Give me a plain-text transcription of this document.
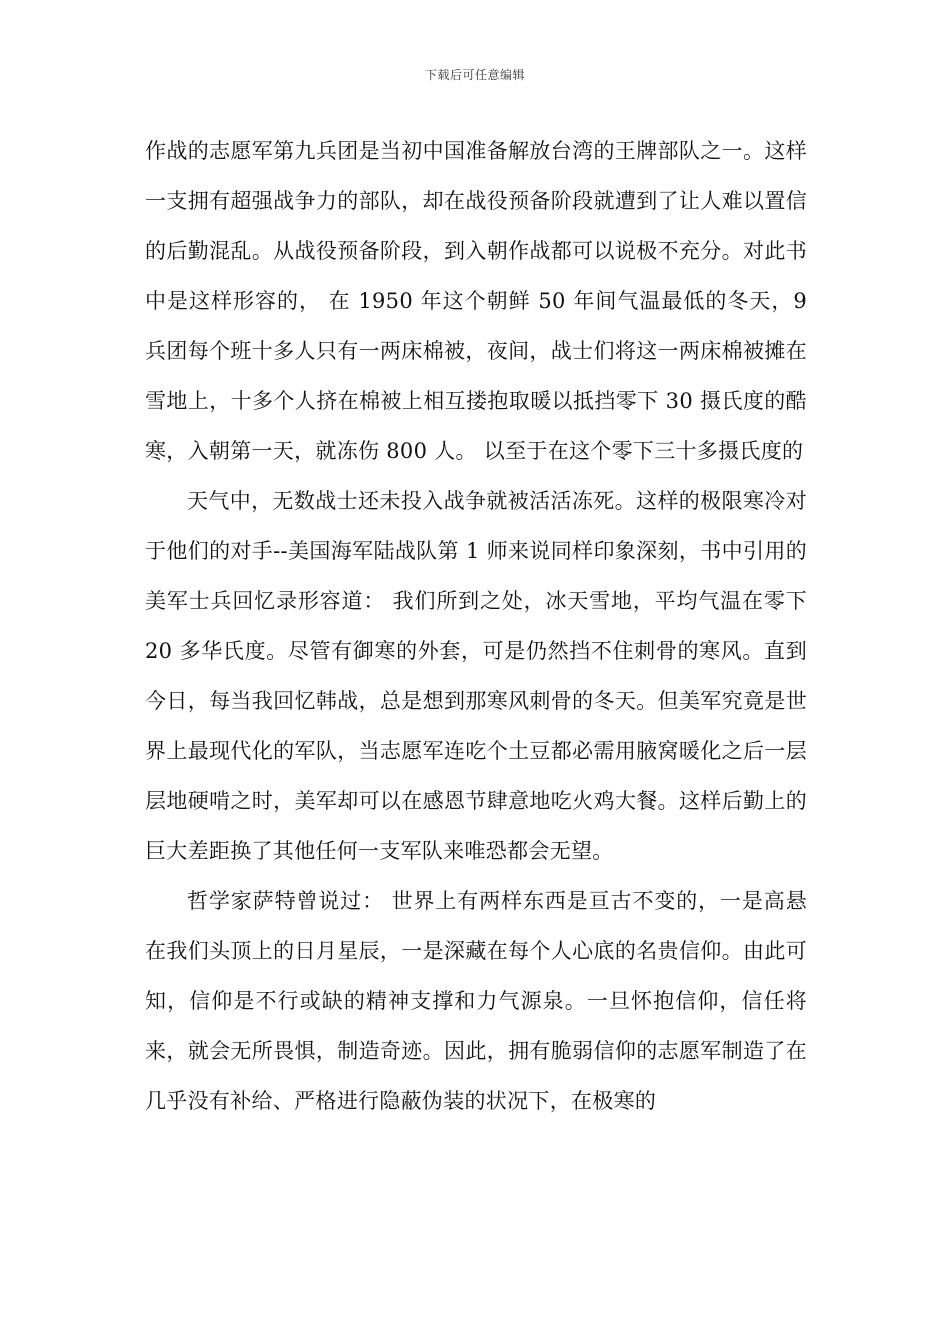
下载后可任意编辑

作战的志愿军第九兵团是当初中国准备解放台湾的王牌部队之一。这样一支拥有超强战争力的部队，却在战役预备阶段就遭到了让人难以置信的后勤混乱。从战役预备阶段，到入朝作战都可以说极不充分。对此书中是这样形容的， 在 1950 年这个朝鲜 50 年间气温最低的冬天，9 兵团每个班十多人只有一两床棉被，夜间，战士们将这一两床棉被摊在雪地上，十多个人挤在棉被上相互搂抱取暖以抵挡零下 30 摄氏度的酷寒，入朝第一天，就冻伤 800 人。 以至于在这个零下三十多摄氏度的

天气中，无数战士还未投入战争就被活活冻死。这样的极限寒冷对于他们的对手--美国海军陆战队第 1 师来说同样印象深刻，书中引用的美军士兵回忆录形容道： 我们所到之处，冰天雪地，平均气温在零下 20 多华氏度。尽管有御寒的外套，可是仍然挡不住刺骨的寒风。直到今日，每当我回忆韩战，总是想到那寒风刺骨的冬天。但美军究竟是世界上最现代化的军队，当志愿军连吃个土豆都必需用腋窝暖化之后一层层地硬啃之时，美军却可以在感恩节肆意地吃火鸡大餐。这样后勤上的巨大差距换了其他任何一支军队来唯恐都会无望。

哲学家萨特曾说过： 世界上有两样东西是亘古不变的，一是高悬在我们头顶上的日月星辰，一是深藏在每个人心底的名贵信仰。由此可知，信仰是不行或缺的精神支撑和力气源泉。一旦怀抱信仰，信任将来，就会无所畏惧，制造奇迹。因此，拥有脆弱信仰的志愿军制造了在几乎没有补给、严格进行隐蔽伪装的状况下，在极寒的
